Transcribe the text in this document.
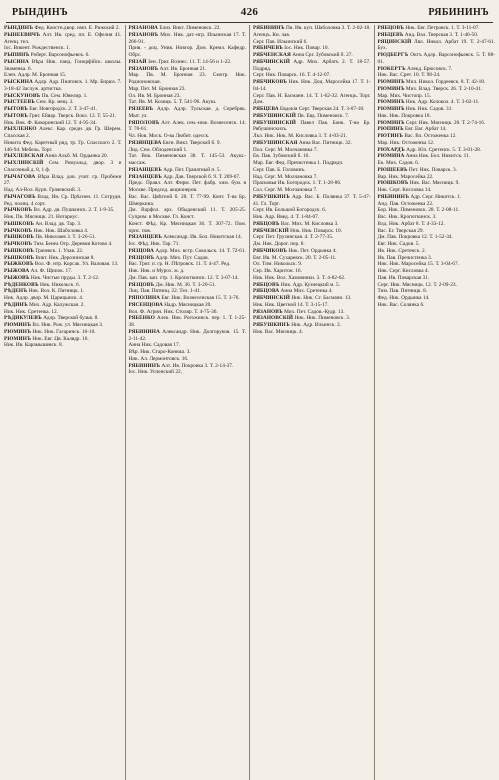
РЫНДИНЪ	426	РЯБИНИНЪ
РЫНДИНЪ Фед. Констн.двор. имп. Е. Рижский 2.
РЫНЕЕВИЧЪ Алт. Ив. сред. пп. Е. Офелия 41. Агенц. тел.
Іос. Викент. Рождественск. 1.
РЫПИНЪ Роберт. Варсонофьевск. 6.
РЫСИНА Вѣра Ник. панд. Гонорфійск. школы. Знаменка. 6.
Елен. Адлр. М. Бронная 15.
РЫСКИНА Адлр. Адр. Пнатовск. 1. Мр. Бирюз. 7. 3-18-42 Заслуж. артистка.
РЫСКУНОВЪ Пв. Сем. Ювелир. 1.
РЫСТЕЕВЪ Сем. Кр. мещ. 3.
РЫТОВЪ Евг. Новгородск. 2. Т. 3-47-41.
РЫТОВЪ Григ. Ейвар. Тверск. Вокз. 12. Т. 55-21.
Ник. Вик. Ф. Кокоринский 12. Т. 4-95-34.
РЫХЛЕНКО Алекс. Кар. средн. дв. Гр. Шерем. Спасская 2.
Никита Фед. Каретный ряд, тр. Гр. Спасского 2. Т. 146-94. Мебель. Торг.
РЫХЛЕВСКАЯ Анна Альб. М. Ордынка 20.
РЫХЛИНСКІЙ Сем. Ромуальд. двор. 3 и Спасочный д. 8, 1 ф.
РЫЧАГОВА Вѣра Влад. дов. учит. гр. Пробежн 27.
Над. Ал-Вол. Курп. Грачевский. 3.
РЫЧАГОВЪ Влад. Ин. Ср. Прѣснен. 11. Сотрудн. Ред. полиц. 4 сорт.
РЫЧКОВЪ Вл. Адр. дв. Пушкинск. 2. Т. 1-9-35.
Ник. Пв. Мясницк. 21. Нотариус.
РЫШКОВЪ Ан. Влад. дв. Тар. 3.
РЫЧКОВЪ Ник. Ник. Шаболовка 4.
РЫШКОВЪ Пв. Николаев 3. Т. 3-26-51.
РЫЧКОВЪ Тим. Бенеа Отр. Деревня Котово 4.
РЫШКОВЪ Грачевск. 1. Улав. 22.
РЫШКОВЪ Викт. Ник. Дерозинская 8.
РЫЖКОВЪ Вол. Ф. нтр. Корсак. Ул. Валовая. 13.
РЫЖОВА Ал. Ф. Щипок. 17.
РЫЖОВЪ Ник. Чистые пруды. 3. Т. 2-12.
РѢДЕНКОВЪ Ник. Никольск. 6.
РѢДЕНЪ Ник. Вол. К. Пятницк. 1.
Ник. Адлр. двор. М. Царицынск. 4.
РѢДИНЪ Мих. Адр. Калужская. 2.
Ник. Ник. Сретенка. 12.
РѢДИКУЛЕВЪ Адлр. Тверской бульв. 8.
РЮМИНЪ Вл. Ник. Рож. ул. Мясницкая 3.
РЮМИНЪ Ник. Ник. Гагаринск. 16-10.
РЮМИНЪ Ник. Евг. Цв. Калвдр. 16.
Ник. Ив. Карамышевск. 8.
РЯЗАНОВА Елиз. Викт. Пименовск. 22.
РЯЗАНОВЪ Мих. Ник. дат.-игр. Ильинская 17. Т. 266-91.
Прив. - доц. Унив. Новгор. Дом. Кремл. Кафедр. Обрс.
РЯЗАЙ Зен. Григ. Вознес. 11. Т. 14-56 и 1-22.
РЯЗАНОВЪ Алт. Ив. Бронная 21.
Мар. Пв. М. Бронная 23. Смотр. Ник. Родионовская.
Мар. Пет. М. Бронная 23.
Ол. Ив. М. Бронная 23.
Тат. Ив. М. Козицк. 5. Т. 541-96. Акуш.
РЯЗЕЕВЪ Адлр. Адлр. Тульская. д. Серебряк. Мыт. ул.
РЯПОЛОВЪ Алт. Алек. сем.-инж. Вознесенск. 14. Т. 78-61.
Чл. Нов. Моск. О-ва Любит. одесск.
РЯЗЯНЦЕВА Евгн. Викт. Тверской б. 9.
Лид. Сем. Облоденский 1.
Тат. Вик. Пименовская 38. Т. 145-53. Акуш.-массаж.
РЯЗАНЦЕВЪ Адр. Пет. Гранатный п. 5.
РЯЗАНЦЕВЪ Адр. Дав. Тверской б. 9. Т. 209-67.
Предс. Правл. Алт. Фирм. Пет. фабр. хим. бум. в Москве. Председ. акционеров.
Вас. Вас. Цвѣтной б. 28. Т. 77-99. Конт. Т-ва Бр. Шмеркина.
Дм. Варфол. арх. Обыденский 11. Т. 205-25. Суприм. в Москве. Гл. Конст.
Конст. Фѣд. Кр. Мясницкая 36. Т. 307-72. Пом. прис. пов.
РЯЗАНЦЕВЪ Александр. Ив. Бол. Никитская 14.
Іос. Фѣд. Ник. Тар. 71.
РЯЗЦОВА Адлр. Мих. встр. Сокольск. 14. Т. 72-61.
РЯЗЦОВЪ Адлр. Мих. Пут. Садов.
Вас. Григ. п. гр. Н. Пѣтровск. 11. Т. 4-47. Ред.
Ник. Ник. и Мурох. ж. д.
Дм. Пав. кап. стр. 1. Кропоткинск. 12. Т. 3-07-14.
РЯЗЦОВЪ Дм. Ник. М. 36. Т. 3-20-51.
Лиц. Пав. Пятниц. 22. Тел. 1-41.
РЯПОЛИНА Евг. Ник. Вознесенская 15. Т. 3-76.
РЯСЕНЦОВА Надр. Мясницкая 20.
Вол. Ф. Агрин. Ник. Столяр. Т. 4-75-36.
РЯБЕНКО Алек. Ник. Рогожинск. пер. 1. Т. 1-25-38.
РЯБИНИНА Александр. Ник. Долгоруков. 15. Т. 2-11-42.
Анна Ник. Садовая 17.
Вѣр. Ник. Старо-Конюш. 3.
Ник. Ал. Лермонтовск. 16.
РЯБИНИНЪ Алт. Ив. Покровка 3. Т. 2-14-37.
Іос. Ник. Успенский 22.
РЯБИНИНЪ Пв. Ив. куп. Шаболовка 3. Т. 2-02-18. Агенцъ. Кн. лав.
Серг. Пав. Ильинский 6.
РЯБИЧЕВЪ Іос. Ник. Повар. 10.
РЯБЧЕНСКАЯ Анна Срг. Зубовский б. 27.
РЯБЧИНСКІЙ Адр. Мих. Арбатъ 2. Т. 18-57. Подряд.
Серг. Ник. Поварск. 16. Т. 4-12-07.
РЯБЧИКОВЪ Ник. Ник. Доц. Маросейка 17. Т. 1-04-14.
Серг. Пав. Н. Басманн. 14. Т. 1-62-32. Агенцъ. Торг. Дом.
РЯБЦЕВА Евдокія Серг. Тверская 24. Т. 3-07-18.
РЯБУШИНСКІЙ Пв. Евд. Пименовск. 7.
РЯБУШИНСКІЙ Павел Пав. Банк. Т-во Бр. Рябушинскихъ.
Лкл. Ник. Ник. М. Кисловка 3. Т. 4-03-21.
РЯБУШИНСКАЯ Анна Вас. Пятницк. 32.
Пол. Серг. М. Молчановка 7.
Ев. Пав. Зубовский б. 16.
Мар. Евг. Фед. Пречистенка 1. Подрядч.
Серг. Пав. Б. Головинъ.
Над. Серг. М. Молчановка 7.
Прасковья Ив. Богородск. 1. Т. 1-28-86.
Сол. Серг. М. Молчановка 7.
РЯБУШКИНЪ Адр. Вас. Б. Полянка 37. Т. 5-47-41. Гл. Торг.
Серг. Ив. Большой Богородск. 6.
Ник. Адр. Введ. 4. Т. 1-84-07.
РЯБЦОВЪ Вас. Мих. М. Кисловка 3.
РЯБЧЕВСКІЙ Ник. Ник. Поварск. 10.
Серг. Пет. Грузинская. 4. Т. 2-77-35.
Дм. Ник. Дорог. пер. 8.
РЯБЧИКОВЪ Ник. Пет. Ордынка 4.
Евг. Ив. М. Сухаревск. 20. Т. 2-05-11.
Ол. Тим. Никольск. 9.
Сер. Ив. Харитон. 16.
Ник. Ник. Вол. Хамовники. 3. Т. 4-82-62.
РЯБЦОВЪ Ник. Адр. Кузнецкий м. 5.
РЯБЦОВА Анна Мих. Сретенка 4.
РЯБЧИНСКІЙ Ник. Ник. Ст. Басманн. 13.
Ник. Ник. Цветной 14. Т. 3-15-17.
РЯЗАНОВЪ Мих. Пет. Садов.-Кудр. 13.
РЯЗАНОВСКІЙ Ник. Ник. Пименовск. 3.
РЯБУШКИНЪ Ник. Адр. Ильинск. 2.
Ник. Вас. Мясницк. 4.
РЯБЦОВЪ Ник. Евг. Петровск. 1. Т. 3-11-07.
РЯБЦЕВЪ Анд. Вал. Тверская 3. Т. 1-46-50.
РЯЦИНСКІЙ Лвл. Никол. Арбат 19. Т. 2-47-61. Бух.
РЮДБЕРГЪ Октъ Адлр. Варсонофьевск. 5. Т. 88-01.
РЮКЕРТЪ Алекд. Брюсовск. 7.
Ник. Вас. Срет. 10. Т. 98-24.
РЮМИНЪ Мил. Никол. Гордеевск. 8. Т. 42-18.
РЮМИНЪ Мих. Влад. Тверск. 26. Т. 2-10-41.
Мар. Мих. Чистопр. 15.
РЮМИНЪ Ник. Адр. Колокол. 4. Т. 3-02-11.
РЮМИНЪ Ник. Ник. Садов. 31.
Ник. Ник. Покровка 18.
РЮМИНЪ Серг. Ник. Мясницк. 28. Т. 2-74-16.
РЮПИНЪ Евг. Евг. Арбат 14.
РЮТИНЪ Вас. Вл. Остоженка 12.
Мар. Ник. Остоженка 12.
РЮХАРДЪ Адр. Юл. Сретенск. 5. Т. 3-01-28.
РЮМИНА Анна Ник. Бол. Никитск. 11.
Ек. Мих. Садов. 6.
РЮШЕЕВЪ Пет. Ник. Поварск. 3.
Вар. Ник. Маросейка 22.
РЮШКОВЪ Ник. Вас. Мясницк. 9.
Ник. Серг. Кисловка 14.
РЯБИНИНЪ Адр. Серг. Никитск. 1.
Анд. Пав. Остоженка 22.
Бор. Ник. Пименовск. 28. Т. 2-08-11.
Вас. Ник. Кропоткинск. 3.
Влд. Ник. Арбат 8. Т. 4-33-12.
Вас. Ег. Тверская 29.
Дм. Пав. Покровка 12. Т. 1-52-34.
Евг. Ник. Садов. 5.
Ив. Ник. Сретенск. 2.
Ив. Пав. Пречистенка 3.
Ник. Ник. Маросейка 15. Т. 3-04-67.
Ник. Серг. Кисловка 4.
Пав. Ив. Поварская 31.
Серг. Ник. Мясницк. 12. Т. 2-09-23.
Тим. Пав. Пятницк. 8.
Фед. Ник. Ордынка 14.
Ник. Вас. Солянка 6.
